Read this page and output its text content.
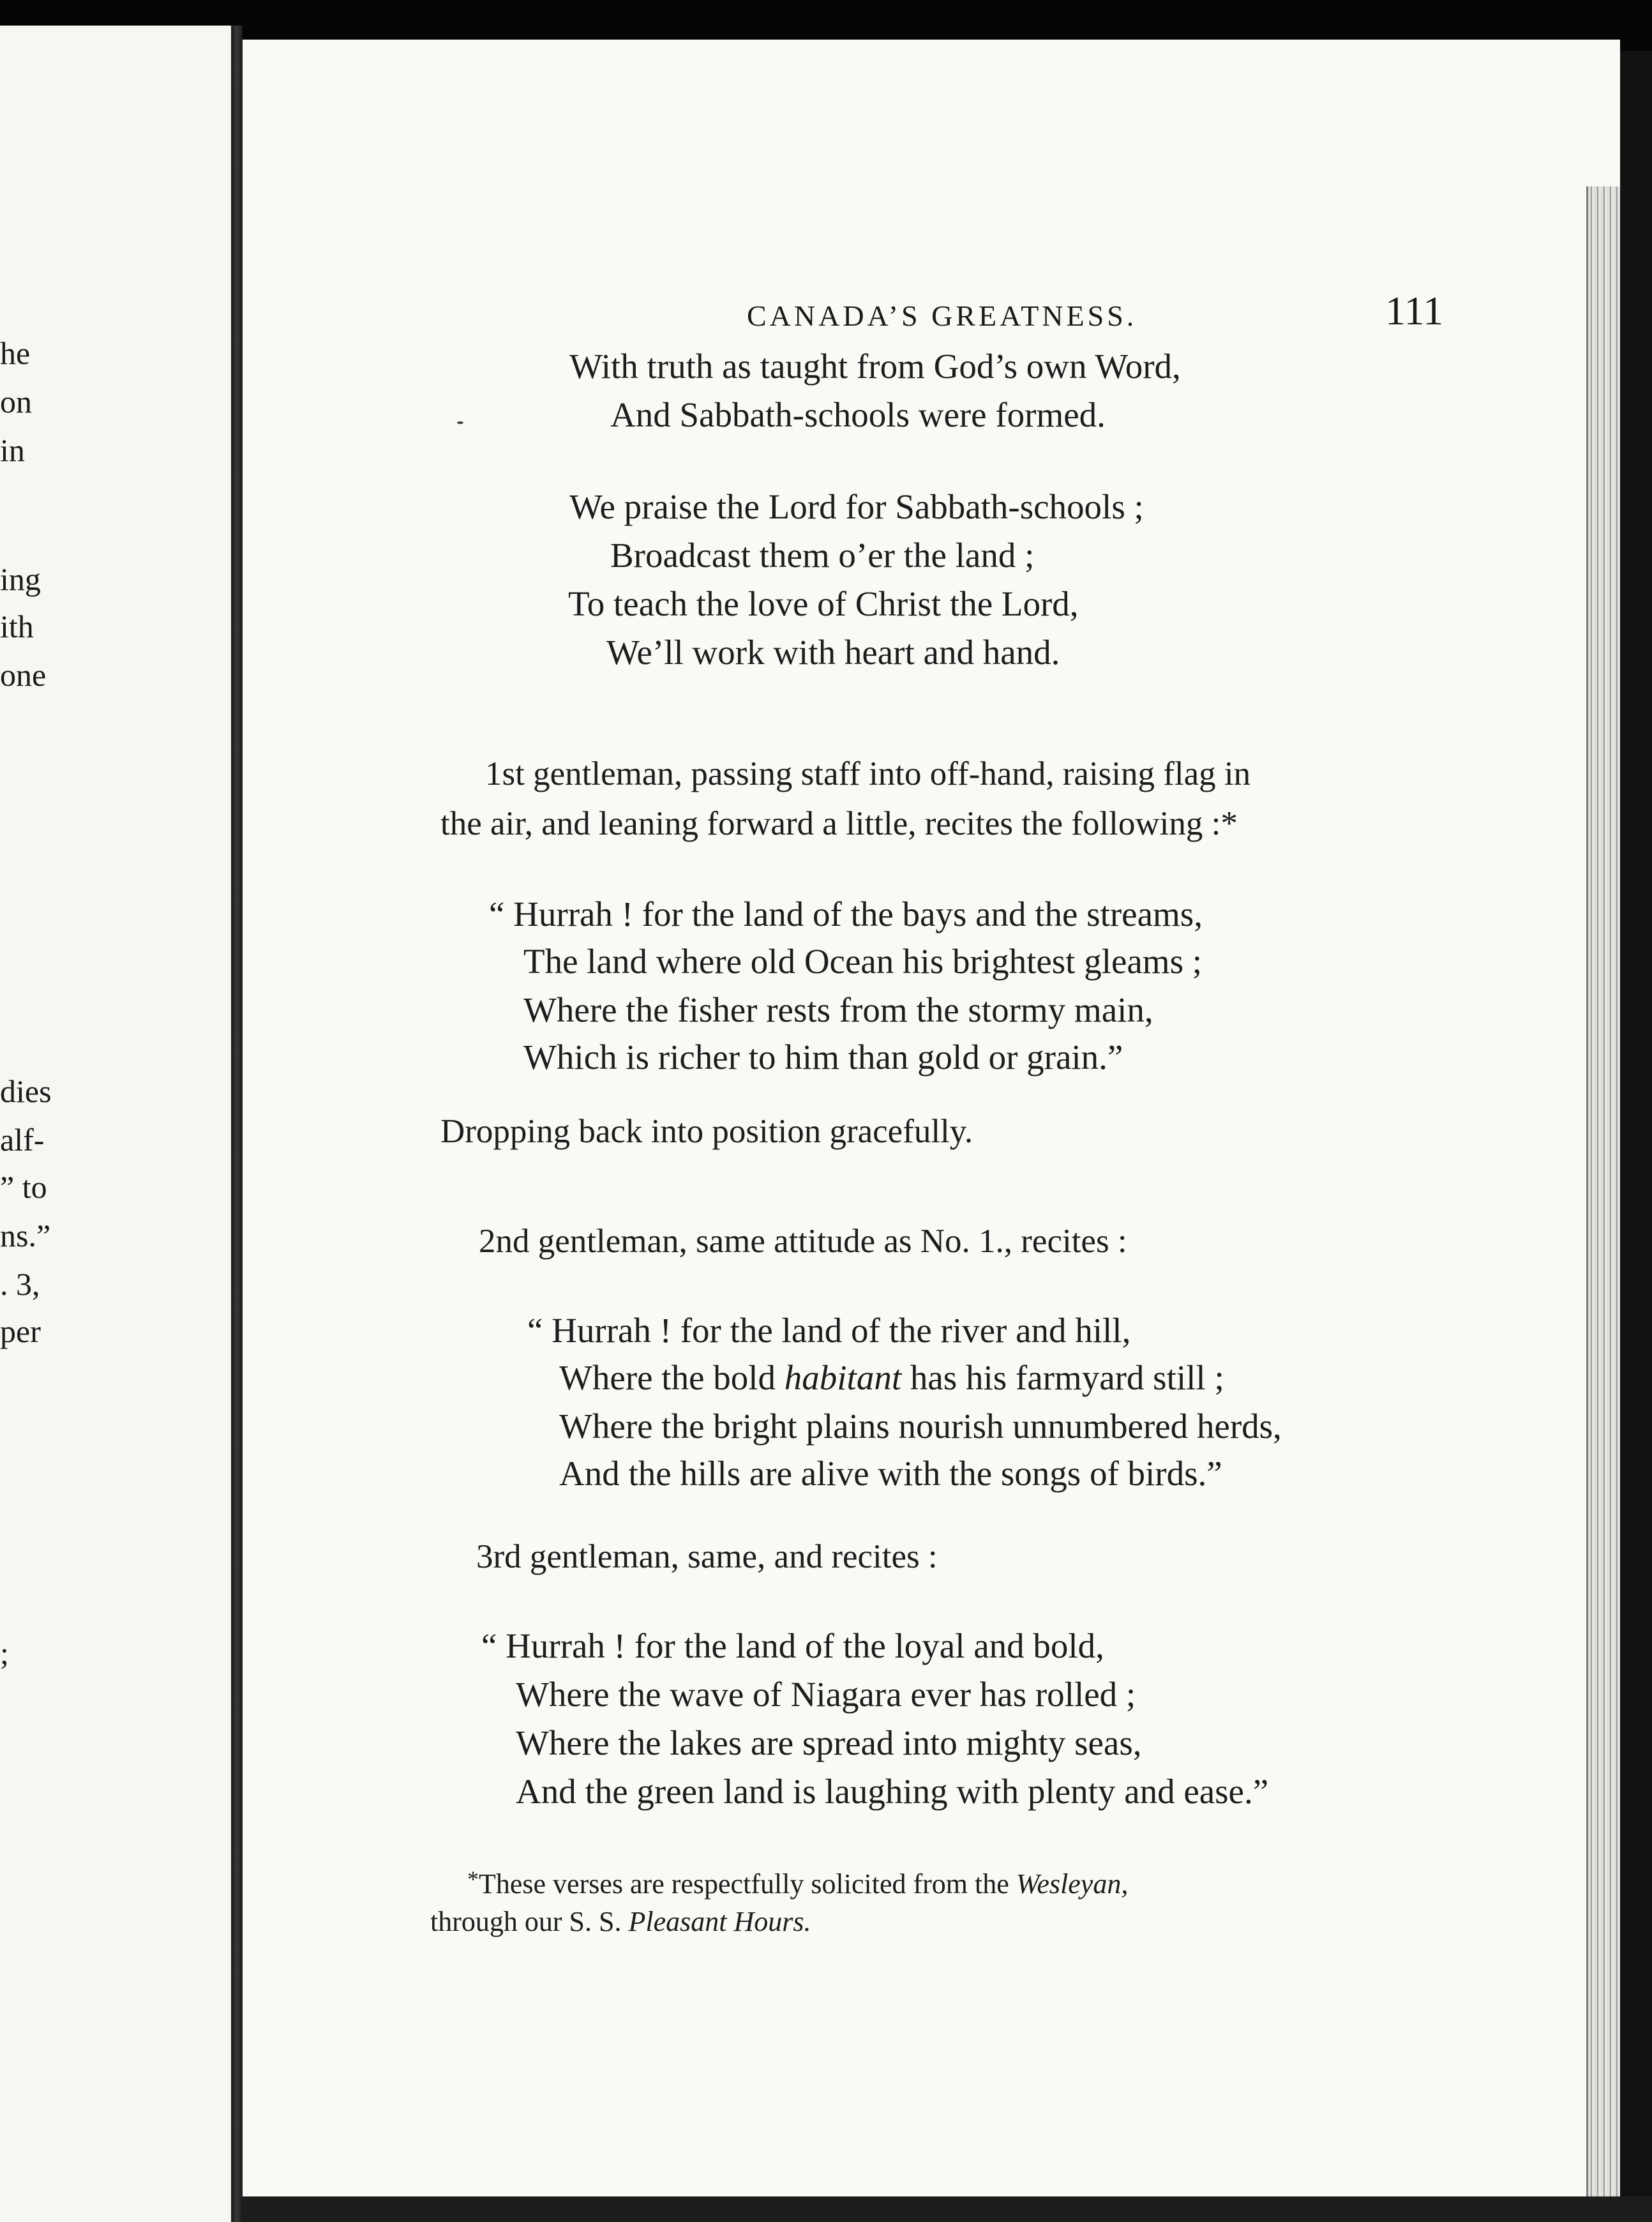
he
on
in
ing
ith
one
dies
alf-
” to
ns.”
. 3,
per
;
CANADA’S GREATNESS.	111
With truth as taught from God’s own Word,
And Sabbath-schools were formed.
We praise the Lord for Sabbath-schools ;
Broadcast them o’er the land ;
To teach the love of Christ the Lord,
We’ll work with heart and hand.
1st gentleman, passing staff into off-hand, raising flag in
the air, and leaning forward a little, recites the following :*
“ Hurrah ! for the land of the bays and the streams,
The land where old Ocean his brightest gleams ;
Where the fisher rests from the stormy main,
Which is richer to him than gold or grain.”
Dropping back into position gracefully.
2nd gentleman, same attitude as No. 1., recites :
“ Hurrah ! for the land of the river and hill,
Where the bold habitant has his farmyard still ;
Where the bright plains nourish unnumbered herds,
And the hills are alive with the songs of birds.”
3rd gentleman, same, and recites :
“ Hurrah ! for the land of the loyal and bold,
Where the wave of Niagara ever has rolled ;
Where the lakes are spread into mighty seas,
And the green land is laughing with plenty and ease.”
*These verses are respectfully solicited from the Wesleyan,
through our S. S. Pleasant Hours.
